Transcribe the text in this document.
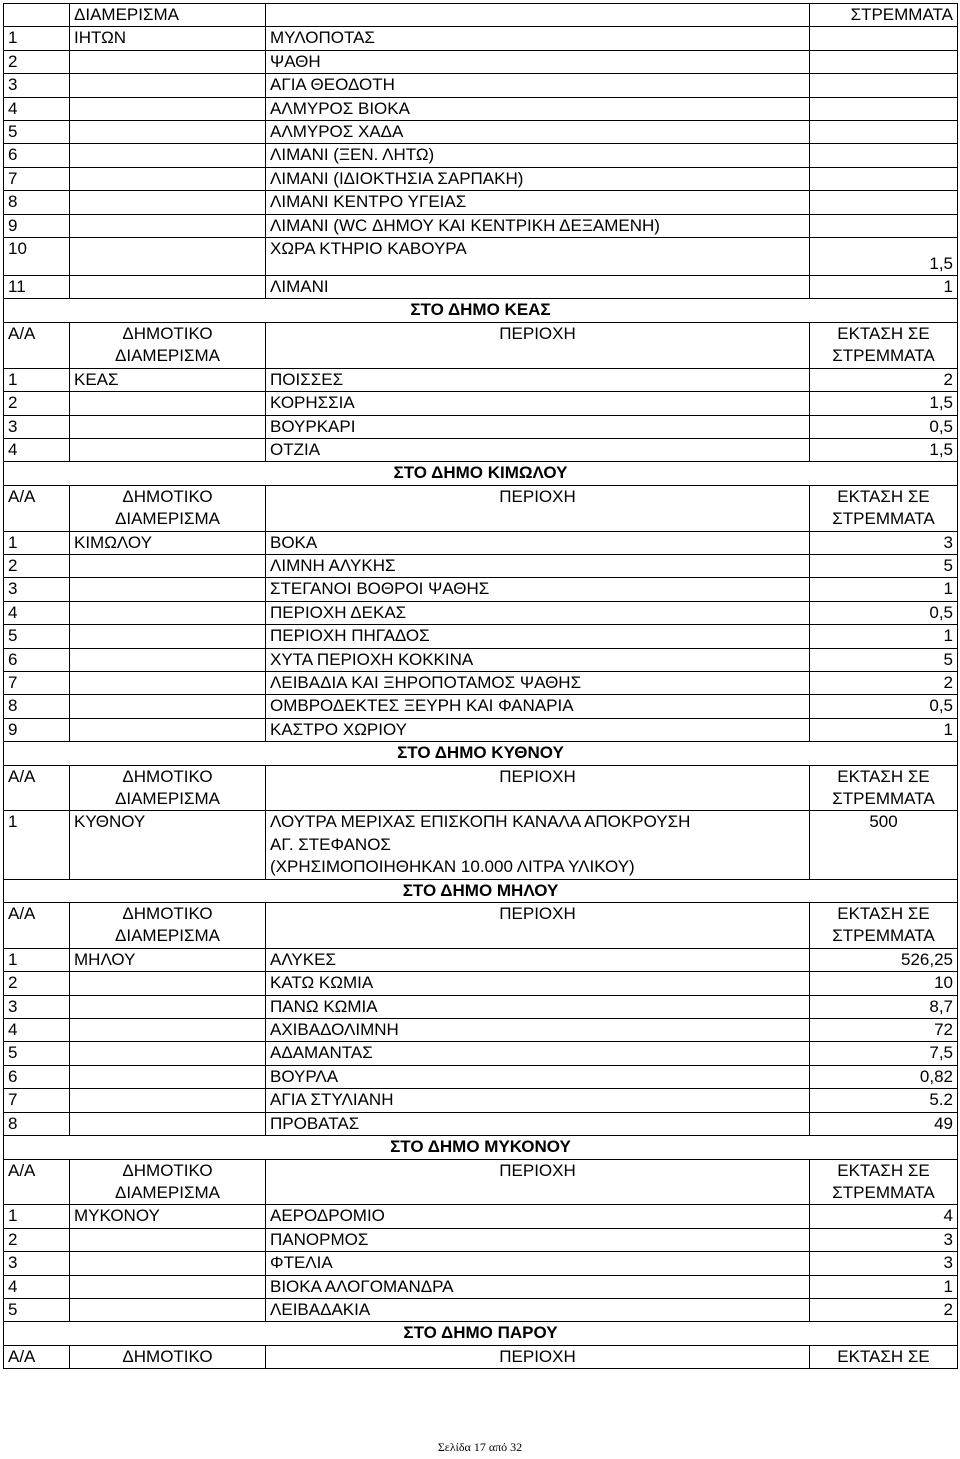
	ΔΙΑΜΕΡΙΣΜΑ		ΣΤΡΕΜΜΑΤΑ
1	ΙΗΤΩΝ	ΜΥΛΟΠΟΤΑΣ	
2		ΨΑΘΗ	
3		ΑΓΙΑ ΘΕΟΔΟΤΗ	
4		ΑΛΜΥΡΟΣ ΒΙΟΚΑ	
5		ΑΛΜΥΡΟΣ ΧΑΔΑ	
6		ΛΙΜΑΝΙ (ΞΕΝ. ΛΗΤΩ)	
7		ΛΙΜΑΝΙ (ΙΔΙΟΚΤΗΣΙΑ ΣΑΡΠΑΚΗ)	
8		ΛΙΜΑΝΙ ΚΕΝΤΡΟ ΥΓΕΙΑΣ	
9		ΛΙΜΑΝΙ (WC ΔΗΜΟΥ ΚΑΙ ΚΕΝΤΡΙΚΗ ΔΕΞΑΜΕΝΗ)	
10		ΧΩΡΑ ΚΤΗΡΙΟ ΚΑΒΟΥΡΑ	1,5
11		ΛΙΜΑΝΙ	1
ΣΤΟ ΔΗΜΟ ΚΕΑΣ			
Α/Α	ΔΗΜΟΤΙΚΟ
ΔΙΑΜΕΡΙΣΜΑ	ΠΕΡΙΟΧΗ	ΕΚΤΑΣΗ ΣΕ
ΣΤΡΕΜΜΑΤΑ
1	ΚΕΑΣ	ΠΟΙΣΣΕΣ	2
2		ΚΟΡΗΣΣΙΑ	1,5
3		ΒΟΥΡΚΑΡΙ	0,5
4		ΟΤΖΙΑ	1,5
ΣΤΟ ΔΗΜΟ ΚΙΜΩΛΟΥ			
Α/Α	ΔΗΜΟΤΙΚΟ
ΔΙΑΜΕΡΙΣΜΑ	ΠΕΡΙΟΧΗ	ΕΚΤΑΣΗ ΣΕ
ΣΤΡΕΜΜΑΤΑ
1	ΚΙΜΩΛΟΥ	ΒΟΚΑ	3
2		ΛΙΜΝΗ ΑΛΥΚΗΣ	5
3		ΣΤΕΓΑΝΟΙ ΒΟΘΡΟΙ ΨΑΘΗΣ	1
4		ΠΕΡΙΟΧΗ ΔΕΚΑΣ	0,5
5		ΠΕΡΙΟΧΗ ΠΗΓΑΔΟΣ	1
6		ΧΥΤΑ ΠΕΡΙΟΧΗ ΚΟΚΚΙΝΑ	5
7		ΛΕΙΒΑΔΙΑ ΚΑΙ ΞΗΡΟΠΟΤΑΜΟΣ ΨΑΘΗΣ	2
8		ΟΜΒΡΟΔΕΚΤΕΣ ΞΕΥΡΗ ΚΑΙ ΦΑΝΑΡΙΑ	0,5
9		ΚΑΣΤΡΟ ΧΩΡΙΟΥ	1
ΣΤΟ ΔΗΜΟ ΚΥΘΝΟΥ			
Α/Α	ΔΗΜΟΤΙΚΟ
ΔΙΑΜΕΡΙΣΜΑ	ΠΕΡΙΟΧΗ	ΕΚΤΑΣΗ ΣΕ
ΣΤΡΕΜΜΑΤΑ
1	ΚΥΘΝΟΥ	ΛΟΥΤΡΑ ΜΕΡΙΧΑΣ ΕΠΙΣΚΟΠΗ ΚΑΝΑΛΑ ΑΠΟΚΡΟΥΣΗ
ΑΓ. ΣΤΕΦΑΝΟΣ
(ΧΡΗΣΙΜΟΠΟΙΗΘΗΚΑΝ 10.000 ΛΙΤΡΑ ΥΛΙΚΟΥ)	500
ΣΤΟ ΔΗΜΟ ΜΗΛΟΥ			
Α/Α	ΔΗΜΟΤΙΚΟ
ΔΙΑΜΕΡΙΣΜΑ	ΠΕΡΙΟΧΗ	ΕΚΤΑΣΗ ΣΕ
ΣΤΡΕΜΜΑΤΑ
1	ΜΗΛΟΥ	ΑΛΥΚΕΣ	526,25
2		ΚΑΤΩ ΚΩΜΙΑ	10
3		ΠΑΝΩ ΚΩΜΙΑ	8,7
4		ΑΧΙΒΑΔΟΛΙΜΝΗ	72
5		ΑΔΑΜΑΝΤΑΣ	7,5
6		ΒΟΥΡΛΑ	0,82
7		ΑΓΙΑ ΣΤΥΛΙΑΝΗ	5.2
8		ΠΡΟΒΑΤΑΣ	49
ΣΤΟ ΔΗΜΟ ΜΥΚΟΝΟΥ			
Α/Α	ΔΗΜΟΤΙΚΟ
ΔΙΑΜΕΡΙΣΜΑ	ΠΕΡΙΟΧΗ	ΕΚΤΑΣΗ ΣΕ
ΣΤΡΕΜΜΑΤΑ
1	ΜΥΚΟΝΟΥ	ΑΕΡΟΔΡΟΜΙΟ	4
2		ΠΑΝΟΡΜΟΣ	3
3		ΦΤΕΛΙΑ	3
4		ΒΙΟΚΑ ΑΛΟΓΟΜΑΝΔΡΑ	1
5		ΛΕΙΒΑΔΑΚΙΑ	2
ΣΤΟ ΔΗΜΟ ΠΑΡΟΥ			
Α/Α	ΔΗΜΟΤΙΚΟ	ΠΕΡΙΟΧΗ	ΕΚΤΑΣΗ ΣΕ
Σελίδα 17 από 32
